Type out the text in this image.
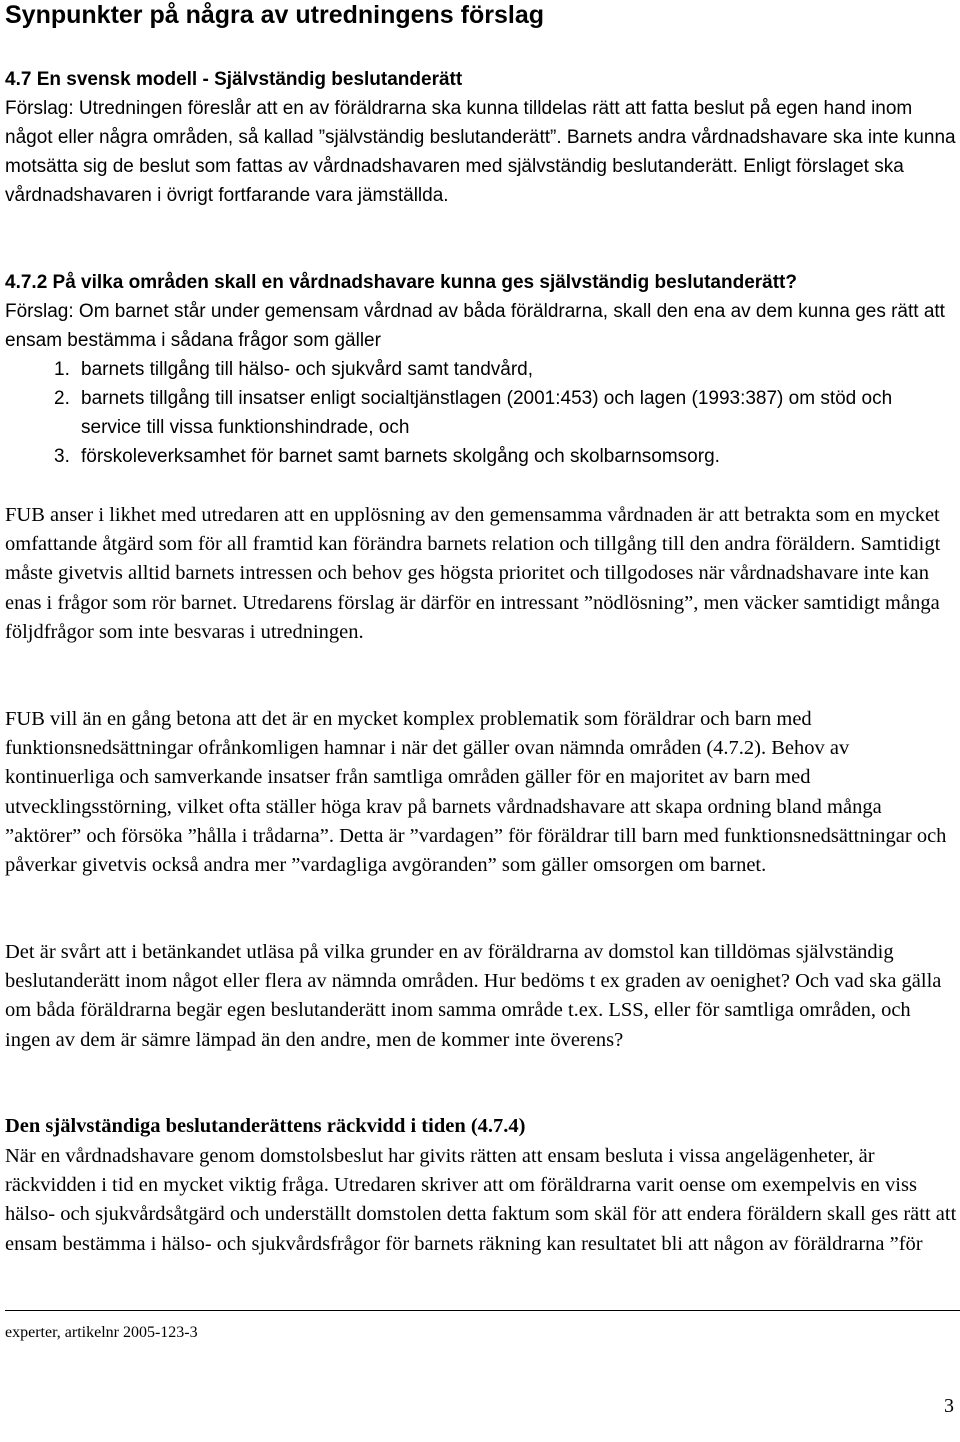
Synpunkter på några av utredningens förslag

4.7 En svensk modell - Självständig beslutanderätt
Förslag: Utredningen föreslår att en av föräldrarna ska kunna tilldelas rätt att fatta beslut på egen hand inom något eller några områden, så kallad ”självständig beslutanderätt”. Barnets andra vårdnadshavare ska inte kunna motsätta sig de beslut som fattas av vårdnadshavaren med självständig beslutanderätt. Enligt förslaget ska vårdnadshavaren i övrigt fortfarande vara jämställda.

4.7.2 På vilka områden skall en vårdnadshavare kunna ges självständig beslutanderätt?

Förslag: Om barnet står under gemensam vårdnad av båda föräldrarna, skall den ena av dem kunna ges rätt att ensam bestämma i sådana frågor som gäller

1. barnets tillgång till hälso- och sjukvård samt tandvård,
2. barnets tillgång till insatser enligt socialtjänstlagen (2001:453) och lagen (1993:387) om stöd och service till vissa funktionshindrade, och
3. förskoleverksamhet för barnet samt barnets skolgång och skolbarnsomsorg.

FUB anser i likhet med utredaren att en upplösning av den gemensamma vårdnaden är att betrakta som en mycket omfattande åtgärd som för all framtid kan förändra barnets relation och tillgång till den andra föräldern. Samtidigt måste givetvis alltid barnets intressen och behov ges högsta prioritet och tillgodoses när vårdnadshavare inte kan enas i frågor som rör barnet. Utredarens förslag är därför en intressant ”nödlösning”, men väcker samtidigt många följdfrågor som inte besvaras i utredningen.

FUB vill än en gång betona att det är en mycket komplex problematik som föräldrar och barn med funktionsnedsättningar ofrånkomligen hamnar i när det gäller ovan nämnda områden (4.7.2). Behov av kontinuerliga och samverkande insatser från samtliga områden gäller för en majoritet av barn med utvecklingsstörning, vilket ofta ställer höga krav på barnets vårdnadshavare att skapa ordning bland många ”aktörer” och försöka ”hålla i trådarna”. Detta är ”vardagen” för föräldrar till barn med funktionsnedsättningar och påverkar givetvis också andra mer ”vardagliga avgöranden” som gäller omsorgen om barnet.

Det är svårt att i betänkandet utläsa på vilka grunder en av föräldrarna av domstol kan tilldömas självständig beslutanderätt inom något eller flera av nämnda områden. Hur bedöms t ex graden av oenighet? Och vad ska gälla om båda föräldrarna begär egen beslutanderätt inom samma område t.ex. LSS, eller för samtliga områden, och ingen av dem är sämre lämpad än den andre, men de kommer inte överens?

Den självständiga beslutanderättens räckvidd i tiden (4.7.4)

När en vårdnadshavare genom domstolsbeslut har givits rätten att ensam besluta i vissa angelägenheter, är räckvidden i tid en mycket viktig fråga. Utredaren skriver att om föräldrarna varit oense om exempelvis en viss hälso- och sjukvårdsåtgärd och underställt domstolen detta faktum som skäl för att endera föräldern skall ges rätt att ensam bestämma i hälso- och sjukvårdsfrågor för barnets räkning kan resultatet bli att någon av föräldrarna ”för

experter, artikelnr 2005-123-3
3
